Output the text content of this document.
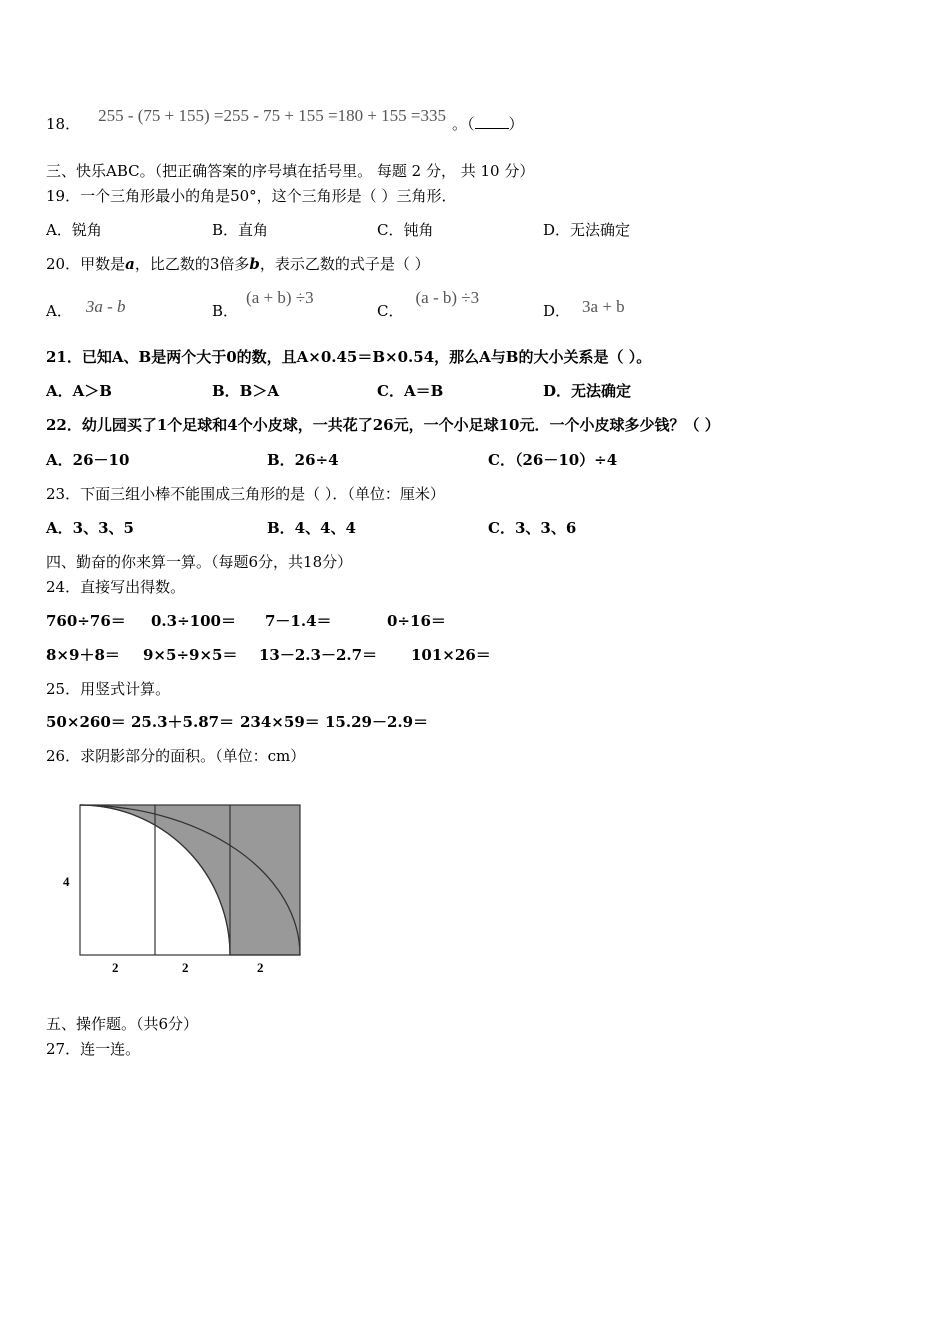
18． 255 - (75 + 155) =255 - 75 + 155 =180 + 155 =335 。（ ）
三、快乐ABC。（把正确答案的序号填在括号里。 每题 2 分， 共 10 分）
19．一个三角形最小的角是50°，这个三角形是（ ）三角形．
A．锐角	B．直角	C．钝角	D．无法确定
20．甲数是a，比乙数的3倍多b，表示乙数的式子是（ ）
A． 3a - b	B．(a + b) ÷3
C．(a - b) ÷3
D． 3a + b
21．已知A、B是两个大于0的数，且A×0.45＝B×0.54，那么A与B的大小关系是（ ）。
A．A＞B	B．B＞A	C．A＝B	D．无法确定
22．幼儿园买了1个足球和4个小皮球，一共花了26元，一个小足球10元．一个小皮球多少钱？（ ）
A．26－10	B．26÷4	C．（26－10）÷4
23．下面三组小棒不能围成三角形的是（ ）．（单位：厘米）
A．3、3、5	B．4、4、4	C．3、3、6
四、勤奋的你来算一算。（每题6分，共18分）
24．直接写出得数。
760÷76＝ 0.3÷100＝ 7－1.4＝	0÷16＝
8×9＋8＝ 9×5÷9×5＝ 13－2.3－2.7＝ 101×26＝
25．用竖式计算。
50×260＝ 25.3＋5.87＝ 234×59＝ 15.29－2.9＝
26．求阴影部分的面积。（单位：cm）
4
2	2	2
五、操作题。（共6分）
27．连一连。
